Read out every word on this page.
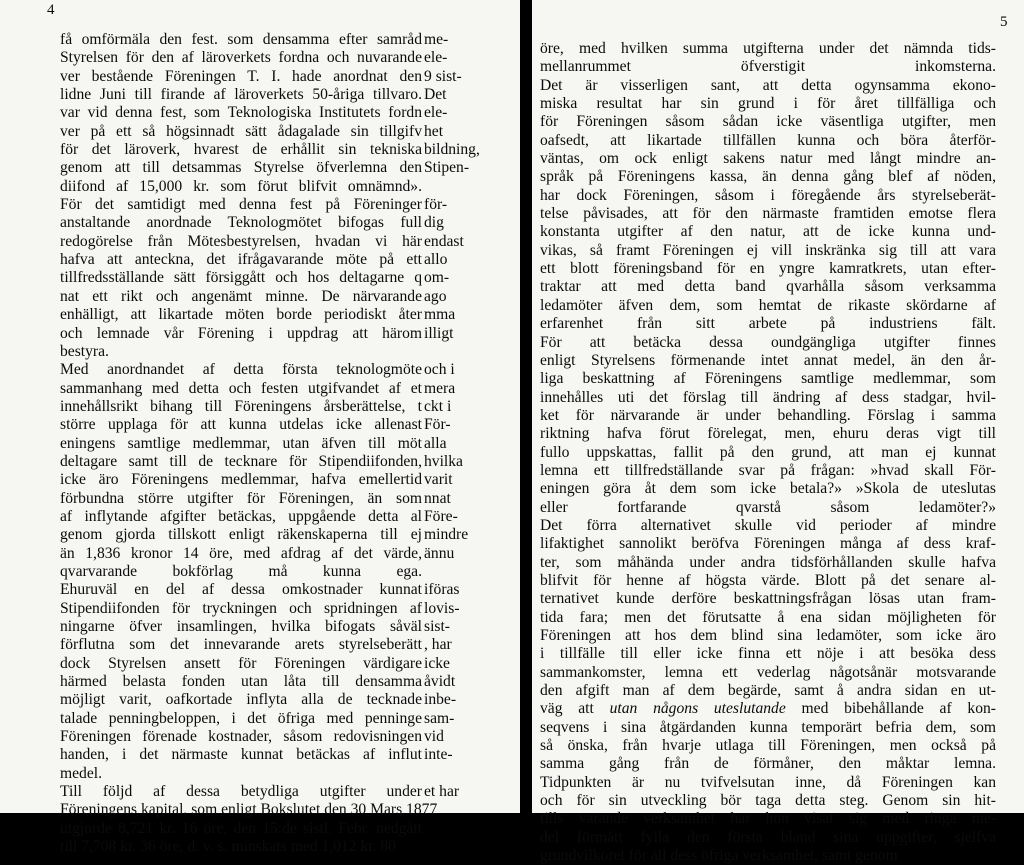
4
få omförmäla den fest. som densamma efter samråd
Styrelsen för den af läroverkets fordna och nuvarande
ver bestående Föreningen T. I. hade anordnat den
lidne Juni till firande af läroverkets 50-åriga tillvaro.
var vid denna fest, som Teknologiska Institutets fordn
ver på ett så högsinnadt sätt ådagalade sin tillgifv
för det läroverk, hvarest de erhållit sin tekniska
genom att till detsammas Styrelse öfverlemna den
diifond af 15,000 kr. som förut blifvit omnämnd».
För det samtidigt med denna fest på Föreninger
anstaltande anordnade Teknologmötet bifogas full
redogörelse från Mötesbestyrelsen, hvadan vi här
hafva att anteckna, det ifrågavarande möte på ett
tillfredsställande sätt försiggått och hos deltagarne q
nat ett rikt och angenämt minne. De närvarande
enhälligt, att likartade möten borde periodiskt åter
och lemnade vår Förening i uppdrag att härom
bestyra.
Med anordnandet af detta första teknologmöte
sammanhang med detta och festen utgifvandet af et
innehållsrikt bihang till Föreningens årsberättelse, t
större upplaga för att kunna utdelas icke allenast
eningens samtlige medlemmar, utan äfven till möt
deltagare samt till de tecknare för Stipendiifonden,
icke äro Föreningens medlemmar, hafva emellertid
förbundna större utgifter för Föreningen, än som
af inflytande afgifter betäckas, uppgående detta al
genom gjorda tillskott enligt räkenskaperna till ej
än 1,836 kronor 14 öre, med afdrag af det värde,
qvarvarande bokförlag må kunna ega.
Ehuruväl en del af dessa omkostnader kunnat
Stipendiifonden för tryckningen och spridningen af
ningarne öfver insamlingen, hvilka bifogats såväl
förflutna som det innevarande arets styrelseberätt
dock Styrelsen ansett för Föreningen värdigare
härmed belasta fonden utan låta till densamma
möjligt varit, oafkortade inflyta alla de tecknade
talade penningbeloppen, i det öfriga med penninge
Föreningen förenade kostnader, såsom redovisningen
handen, i det närmaste kunnat betäckas af influt
medel.
Till följd af dessa betydliga utgifter under
Föreningens kapital, som enligt Bokslutet den 30 Mars 1877
utgjorde 8,721 kr. 16 öre, den 15:de sistl. Febr. nedgått
till 7,708 kr. 36 öre, d. v. s. minskats med 1,012 kr. 80
me-
ele-
9 sist-
Det
ele-
het
bildning,
Stipen-
för-
dig
endast
allo
om-
ago
mma
illigt
och i
mera
ckt i
För-
alla
hvilka
varit
nnat
Före-
mindre
ännu
iföras
lovis-
sist-
, har
icke
åvidt
inbe-
sam-
vid
inte-
et har
5
öre, med hvilken summa utgifterna under det nämnda tids-
mellanrummet öfverstigit inkomsterna.
Det är visserligen sant, att detta ogynsamma ekono-
miska resultat har sin grund i för året tillfälliga och
för Föreningen såsom sådan icke väsentliga utgifter, men
oafsedt, att likartade tillfällen kunna och böra återför-
väntas, om ock enligt sakens natur med långt mindre an-
språk på Föreningens kassa, än denna gång blef af nöden,
har dock Föreningen, såsom i föregående års styrelseberät-
telse påvisades, att för den närmaste framtiden emotse flera
konstanta utgifter af den natur, att de icke kunna und-
vikas, så framt Föreningen ej vill inskränka sig till att vara
ett blott föreningsband för en yngre kamratkrets, utan efter-
traktar att med detta band qvarhålla såsom verksamma
ledamöter äfven dem, som hemtat de rikaste skördarne af
erfarenhet från sitt arbete på industriens fält.
För att betäcka dessa oundgängliga utgifter finnes
enligt Styrelsens förmenande intet annat medel, än den år-
liga beskattning af Föreningens samtlige medlemmar, som
innehålles uti det förslag till ändring af dess stadgar, hvil-
ket för närvarande är under behandling. Förslag i samma
riktning hafva förut förelegat, men, ehuru deras vigt till
fullo uppskattas, fallit på den grund, att man ej kunnat
lemna ett tillfredställande svar på frågan: »hvad skall För-
eningen göra åt dem som icke betala?» »Skola de uteslutas
eller fortfarande qvarstå såsom ledamöter?»
Det förra alternativet skulle vid perioder af mindre
lifaktighet sannolikt beröfva Föreningen många af dess kraf-
ter, som måhända under andra tidsförhållanden skulle hafva
blifvit för henne af högsta värde. Blott på det senare al-
ternativet kunde derföre beskattningsfrågan lösas utan fram-
tida fara; men det förutsatte å ena sidan möjligheten för
Föreningen att hos dem blind sina ledamöter, som icke äro
i tillfälle till eller icke finna ett nöje i att besöka dess
sammankomster, lemna ett vederlag någotsånär motsvarande
den afgift man af dem begärde, samt å andra sidan en ut-
väg att utan någons uteslutande med bibehållande af kon-
seqvens i sina åtgärdanden kunna temporärt befria dem, som
så önska, från hvarje utlaga till Föreningen, men också på
samma gång från de förmåner, den måktar lemna.
Tidpunkten är nu tvifvelsutan inne, då Föreningen kan
och för sin utveckling bör taga detta steg. Genom sin hit-
tills varande verksamhet har hon visat sig med ringa me-
del förmått fylla den första bland sina uppgifter, sjelfva
grundvilkoret för all dess öfriga verksamhet, samt genom
